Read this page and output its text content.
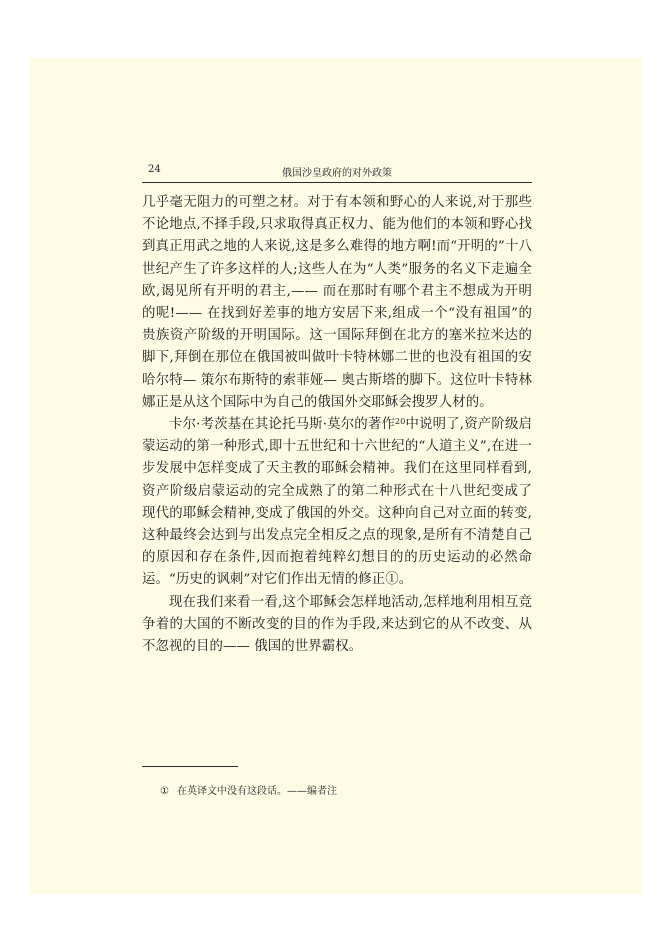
24	俄国沙皇政府的对外政策

几乎毫无阻力的可塑之材。对于有本领和野心的人来说,对于那些不论地点,不择手段,只求取得真正权力、能为他们的本领和野心找到真正用武之地的人来说,这是多么难得的地方啊!而“开明的”十八世纪产生了许多这样的人;这些人在为“人类”服务的名义下走遍全欧,谒见所有开明的君主,—— 而在那时有哪个君主不想成为开明的呢!—— 在找到好差事的地方安居下来,组成一个“没有祖国”的贵族资产阶级的开明国际。这一国际拜倒在北方的塞米拉米达的脚下,拜倒在那位在俄国被叫做叶卡特林娜二世的也没有祖国的安哈尔特— 策尔布斯特的索菲娅— 奥古斯塔的脚下。这位叶卡特林娜正是从这个国际中为自己的俄国外交耶稣会搜罗人材的。

卡尔·考茨基在其论托马斯·莫尔的著作$^{20}$中说明了,资产阶级启蒙运动的第一种形式,即十五世纪和十六世纪的“人道主义”,在进一步发展中怎样变成了天主教的耶稣会精神。我们在这里同样看到,资产阶级启蒙运动的完全成熟了的第二种形式在十八世纪变成了现代的耶稣会精神,变成了俄国的外交。这种向自己对立面的转变,这种最终会达到与出发点完全相反之点的现象,是所有不清楚自己的原因和存在条件,因而抱着纯粹幻想目的的历史运动的必然命运。“历史的讽刺”对它们作出无情的修正①。

现在我们来看一看,这个耶稣会怎样地活动,怎样地利用相互竞争着的大国的不断改变的目的作为手段,来达到它的从不改变、从不忽视的目的—— 俄国的世界霸权。

① 在英译文中没有这段话。——编者注
